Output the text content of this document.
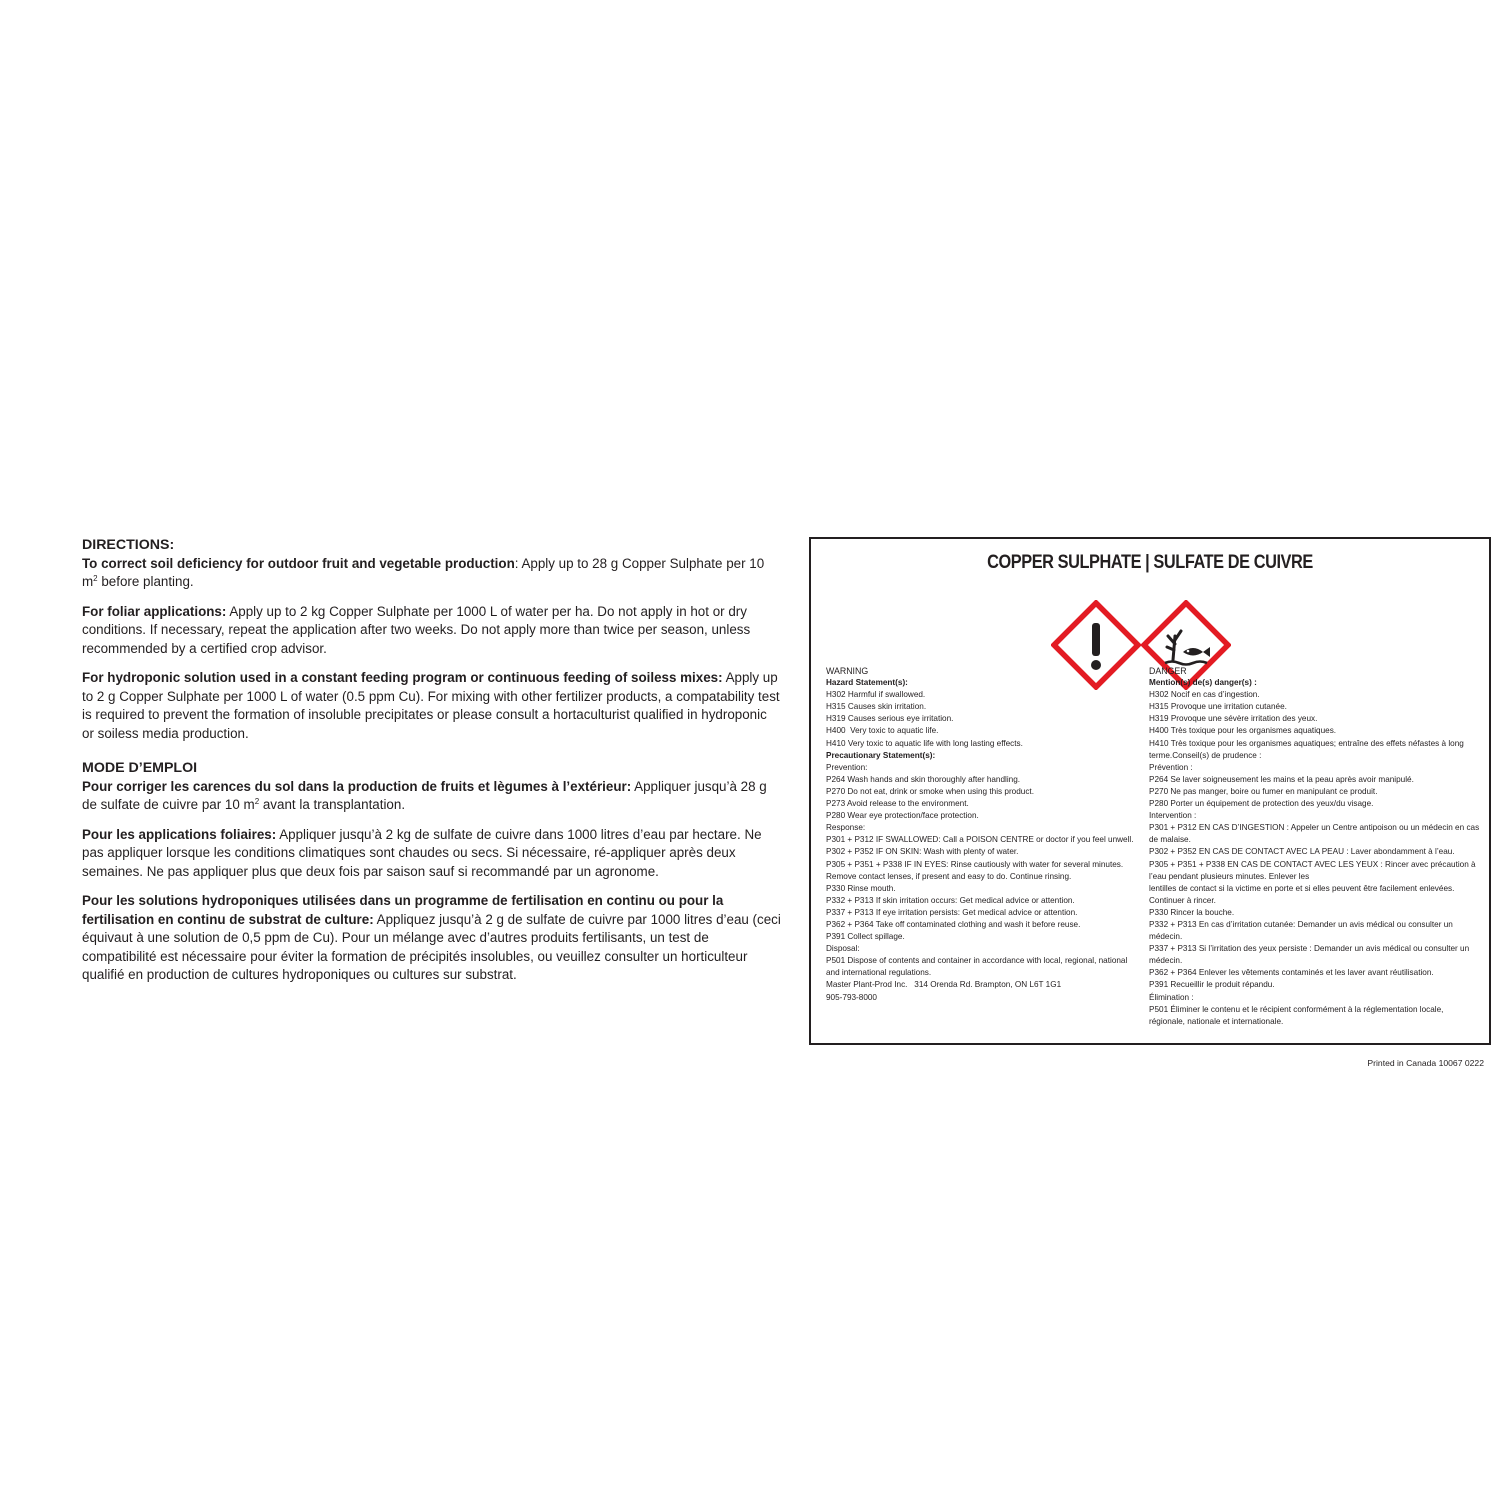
DIRECTIONS:

To correct soil deficiency for outdoor fruit and vegetable production: Apply up to 28 g Copper Sulphate per 10 $m^2$ before planting.

For foliar applications: Apply up to 2 kg Copper Sulphate per 1000 L of water per ha. Do not apply in hot or dry conditions. If necessary, repeat the application after two weeks. Do not apply more than twice per season, unless recommended by a certified crop advisor.

For hydroponic solution used in a constant feeding program or continuous feeding of soiless mixes: Apply up to 2 g Copper Sulphate per 1000 L of water (0.5 ppm Cu). For mixing with other fertilizer products, a compatability test is required to prevent the formation of insoluble precipitates or please consult a hortaculturist qualified in hydroponic or soiless media production.

MODE D’EMPLOI

Pour corriger les carences du sol dans la production de fruits et lègumes à l’extérieur: Appliquer jusqu’à 28 g de sulfate de cuivre par 10 $m^2$ avant la transplantation.

Pour les applications foliaires: Appliquer jusqu’à 2 kg de sulfate de cuivre dans 1000 litres d’eau par hectare. Ne pas appliquer lorsque les conditions climatiques sont chaudes ou secs. Si nécessaire, ré-appliquer après deux semaines. Ne pas appliquer plus que deux fois par saison sauf si recommandé par un agronome.

Pour les solutions hydroponiques utilisées dans un programme de fertilisation en continu ou pour la fertilisation en continu de substrat de culture: Appliquez jusqu’à 2 g de sulfate de cuivre par 1000 litres d’eau (ceci équivaut à une solution de 0,5 ppm de Cu). Pour un mélange avec d’autres produits fertilisants, un test de compatibilité est nécessaire pour éviter la formation de précipités insolubles, ou veuillez consulter un horticulteur qualifié en production de cultures hydroponiques ou cultures sur substrat.

COPPER SULPHATE | SULFATE DE CUIVRE
WARNING
Hazard Statement(s):
H302 Harmful if swallowed.
H315 Causes skin irritation.
H319 Causes serious eye irritation.
H400  Very toxic to aquatic life.
H410 Very toxic to aquatic life with long lasting effects.
Precautionary Statement(s):
Prevention:
P264 Wash hands and skin thoroughly after handling.
P270 Do not eat, drink or smoke when using this product.
P273 Avoid release to the environment.
P280 Wear eye protection/face protection.
Response:
P301 + P312 IF SWALLOWED: Call a POISON CENTRE or doctor if you feel unwell.
P302 + P352 IF ON SKIN: Wash with plenty of water.
P305 + P351 + P338 IF IN EYES: Rinse cautiously with water for several minutes. Remove contact lenses, if present and easy to do. Continue rinsing.
P330 Rinse mouth.
P332 + P313 If skin irritation occurs: Get medical advice or attention.
P337 + P313 If eye irritation persists: Get medical advice or attention.
P362 + P364 Take off contaminated clothing and wash it before reuse.
P391 Collect spillage.
Disposal:
P501 Dispose of contents and container in accordance with local, regional, national and international regulations.
Master Plant-Prod Inc.   314 Orenda Rd. Brampton, ON L6T 1G1
905-793-8000
DANGER
Mention(s) de(s) danger(s) :
H302 Nocif en cas d’ingestion.
H315 Provoque une irritation cutanée.
H319 Provoque une sévère irritation des yeux.
H400 Très toxique pour les organismes aquatiques.
H410 Très toxique pour les organismes aquatiques; entraîne des effets néfastes à long terme.Conseil(s) de prudence :
Prévention :
P264 Se laver soigneusement les mains et la peau après avoir manipulé.
P270 Ne pas manger, boire ou fumer en manipulant ce produit.
P280 Porter un équipement de protection des yeux/du visage.
Intervention :
P301 + P312 EN CAS D’INGESTION : Appeler un Centre antipoison ou un médecin en cas de malaise.
P302 + P352 EN CAS DE CONTACT AVEC LA PEAU : Laver abondamment à l’eau.
P305 + P351 + P338 EN CAS DE CONTACT AVEC LES YEUX : Rincer avec précaution à l’eau pendant plusieurs minutes. Enlever les
lentilles de contact si la victime en porte et si elles peuvent être facilement enlevées. Continuer à rincer.
P330 Rincer la bouche.
P332 + P313 En cas d’irritation cutanée: Demander un avis médical ou consulter un médecin.
P337 + P313 Si l’irritation des yeux persiste : Demander un avis médical ou consulter un médecin.
P362 + P364 Enlever les vêtements contaminés et les laver avant réutilisation.
P391 Recueillir le produit répandu.
Élimination :
P501 Éliminer le contenu et le récipient conformément à la réglementation locale, régionale, nationale et internationale.
Printed in Canada 10067 0222
